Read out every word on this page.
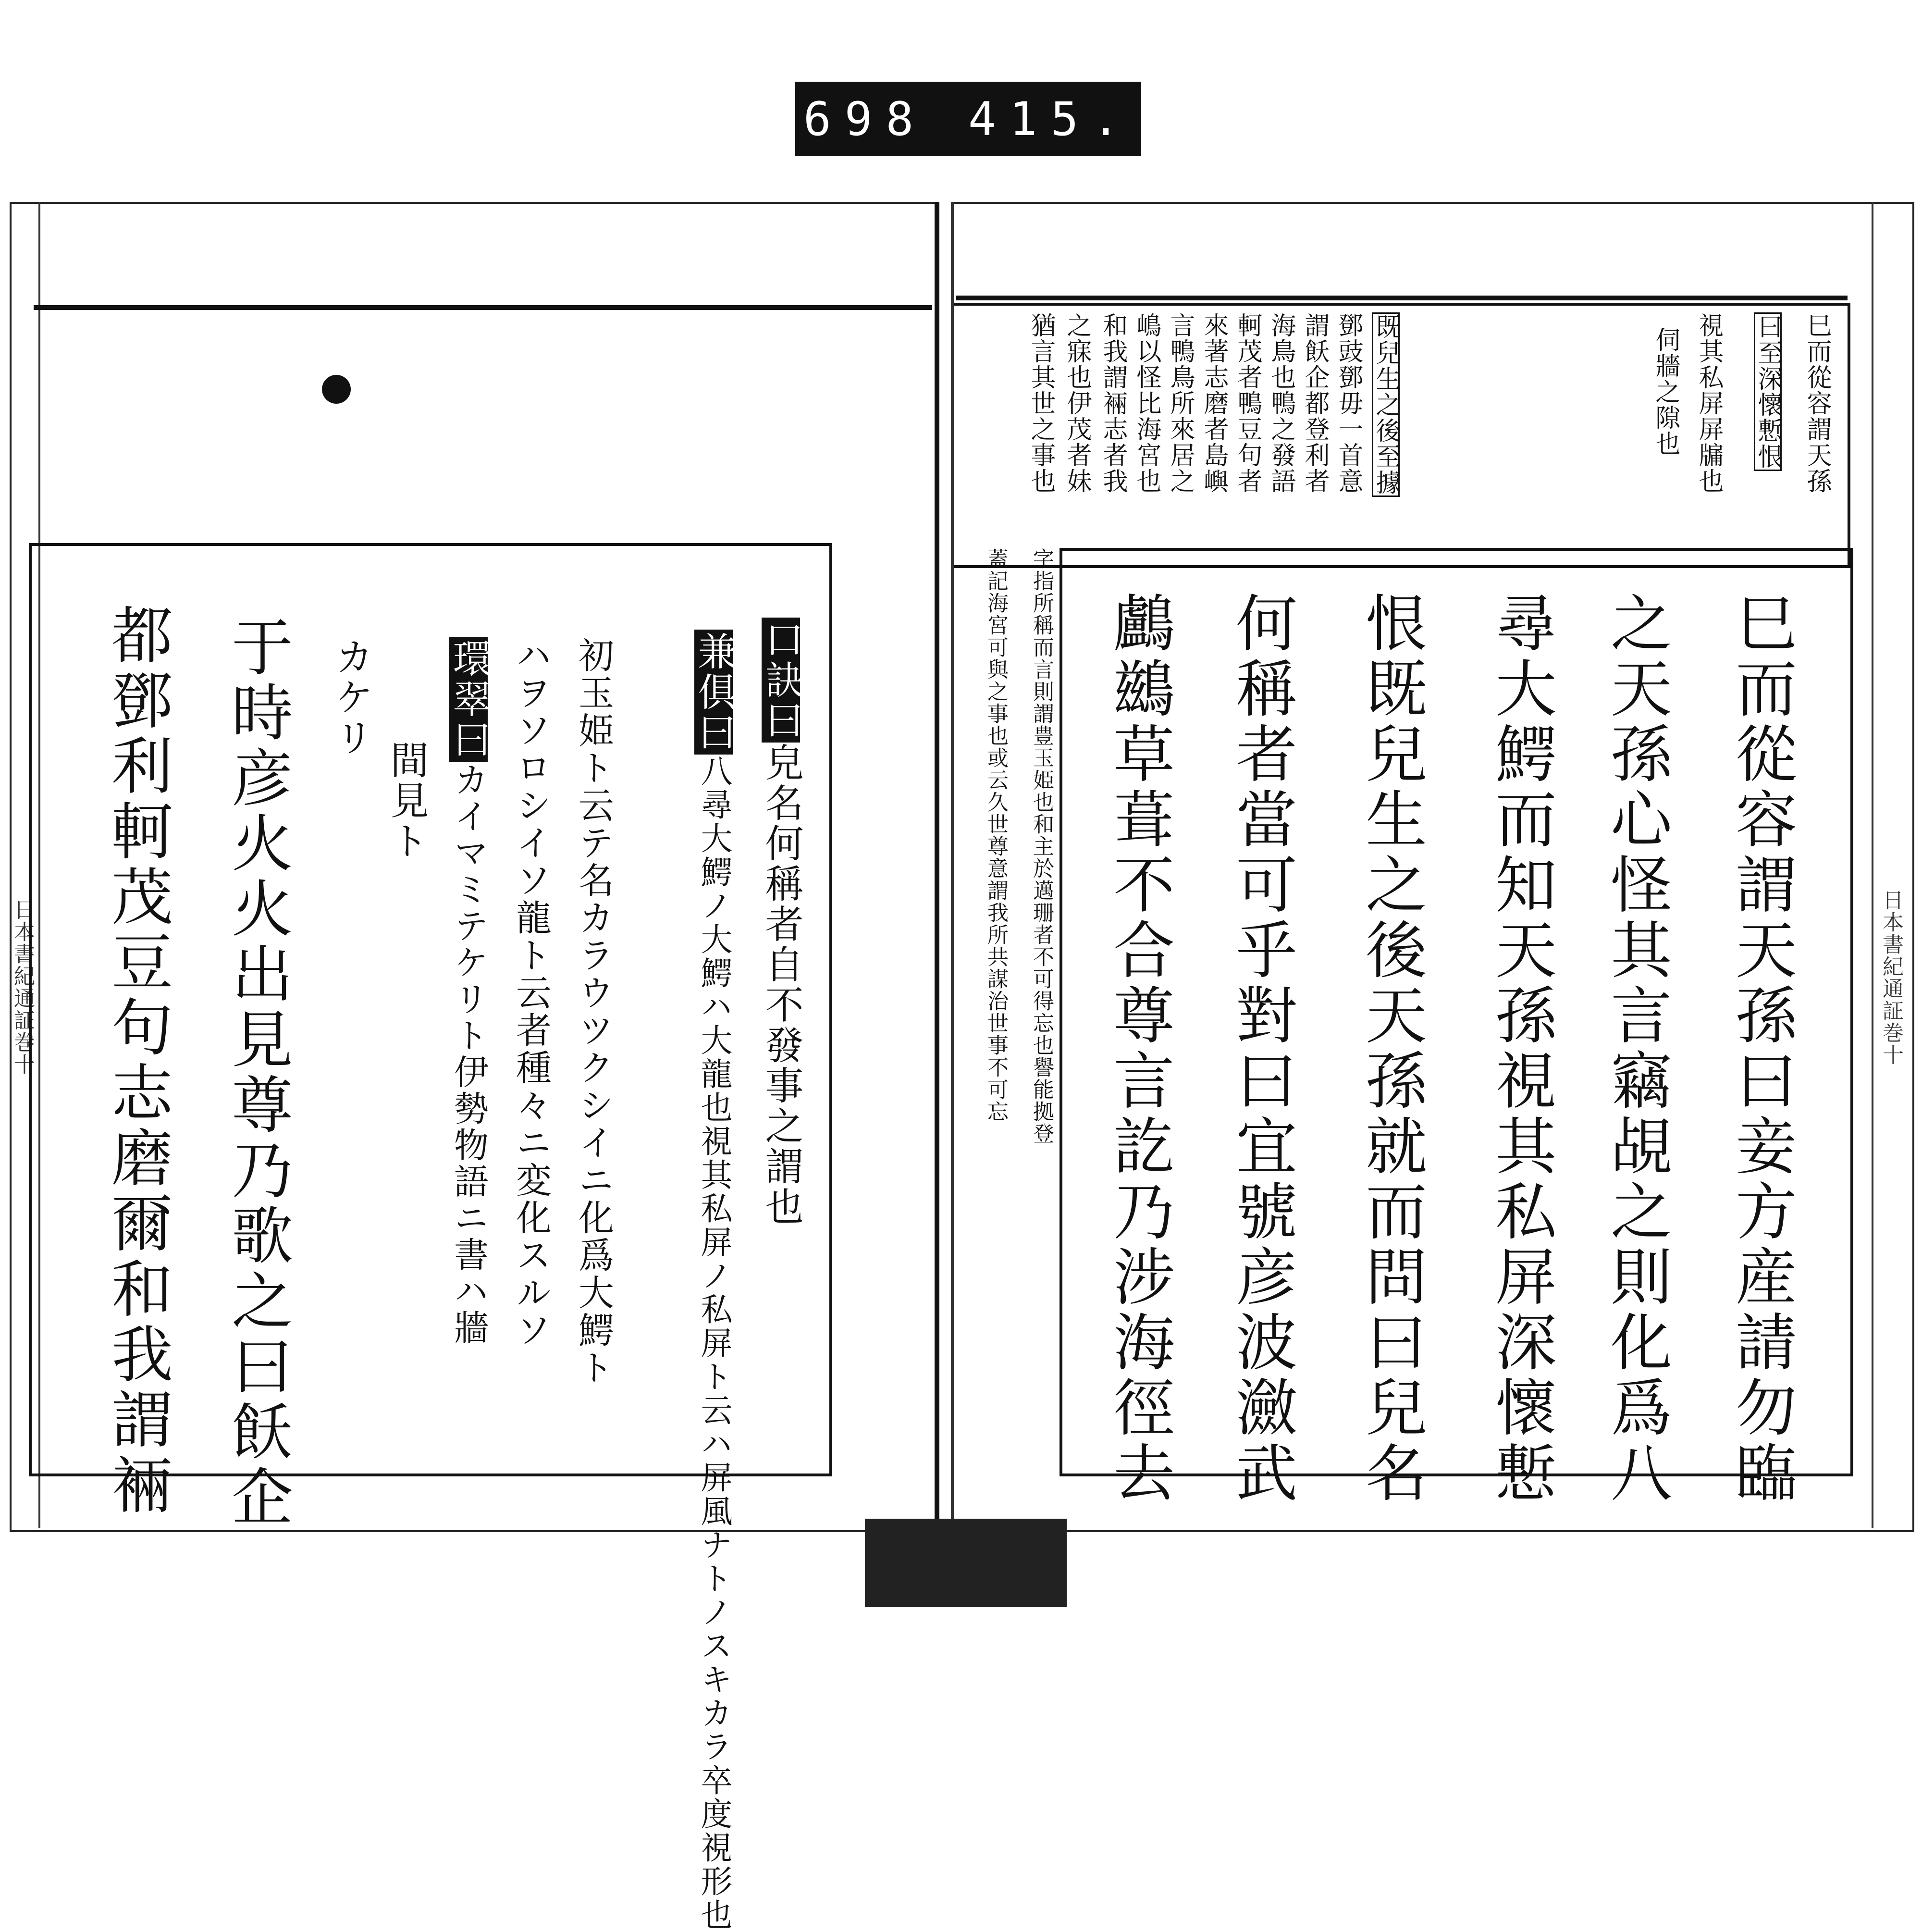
698 415.
日本書紀通証巻十
口訣曰皃名何稱者自不發事之謂也
兼俱曰八尋大鰐ノ大鰐ハ大龍也視其私屏ノ私屏ト云ハ屏風ナトノスキカラ卒度視形也
初玉姫ト云テ名カラウツクシイニ化爲大鰐ト
ハヲソロシイソ龍ト云者種々ニ変化スルソ
環翠曰カイマミテケリト伊勢物語ニ書ハ牆
間見ト
カケリ
于時彦火火出見尊乃歌之曰飫企
都鄧利軻茂豆句志磨爾和我謂裲	日本書紀通証巻十
巳而從容謂天孫
曰至深懷慙恨
視其私屏屏牖也
伺牆之隙也
既兒生之後至據
鄧豉鄧毋一首意
謂飫企都登利者
海鳥也鴨之發語
軻茂者鴨豆句者
來著志磨者島嶼
言鴨鳥所來居之
嶋以怪比海宮也
和我謂裲志者我
之寐也伊茂者妹
猶言其世之事也
字指所稱而言則謂豊玉姫也和主於邁珊者不可得忘也譽能拠登
蓋記海宮可與之事也或云久世尊意謂我所共謀治世事不可忘	巳而從容謂天孫曰妾方産請勿臨
之天孫心怪其言竊覘之則化爲八
尋大鰐而知天孫視其私屏深懷慙
恨既兒生之後天孫就而問曰兒名
何稱者當可乎對曰宜號彦波瀲武
鸕鷀草葺不合尊言訖乃涉海徑去
